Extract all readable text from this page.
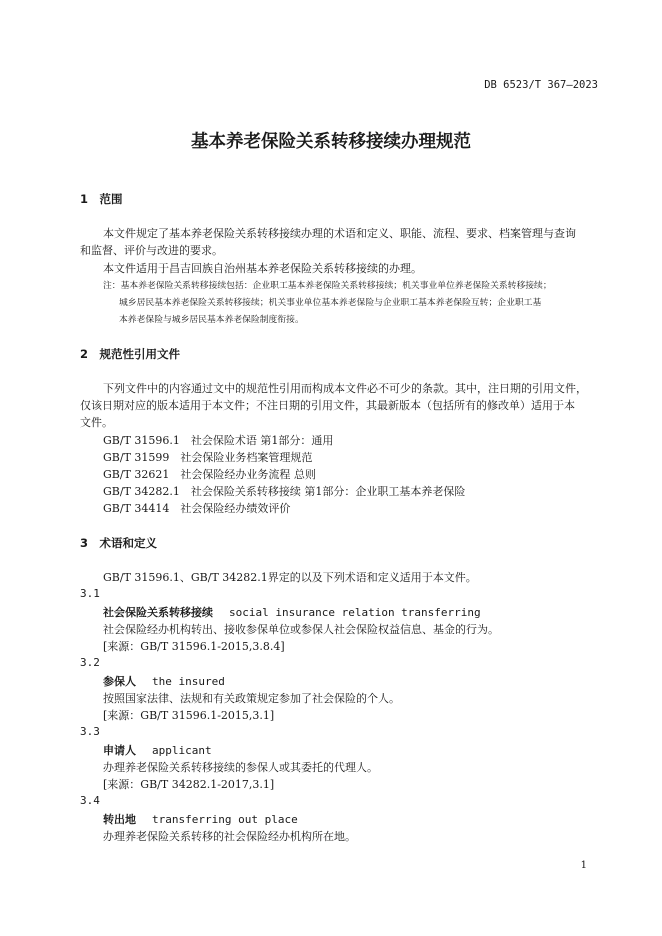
DB 6523/T 367—2023
基本养老保险关系转移接续办理规范
1　范围
本文件规定了基本养老保险关系转移接续办理的术语和定义、职能、流程、要求、档案管理与查询
和监督、评价与改进的要求。
本文件适用于昌吉回族自治州基本养老保险关系转移接续的办理。
注：基本养老保险关系转移接续包括：企业职工基本养老保险关系转移接续；机关事业单位养老保险关系转移接续；
城乡居民基本养老保险关系转移接续；机关事业单位基本养老保险与企业职工基本养老保险互转；企业职工基
本养老保险与城乡居民基本养老保险制度衔接。
2　规范性引用文件
下列文件中的内容通过文中的规范性引用而构成本文件必不可少的条款。其中，注日期的引用文件，
仅该日期对应的版本适用于本文件；不注日期的引用文件，其最新版本（包括所有的修改单）适用于本
文件。
GB/T 31596.1　社会保险术语 第1部分：通用
GB/T 31599　社会保险业务档案管理规范
GB/T 32621　社会保险经办业务流程 总则
GB/T 34282.1　社会保险关系转移接续 第1部分：企业职工基本养老保险
GB/T 34414　社会保险经办绩效评价
3　术语和定义
GB/T 31596.1、GB/T 34282.1界定的以及下列术语和定义适用于本文件。
3.1
社会保险关系转移接续 social insurance relation transferring
社会保险经办机构转出、接收参保单位或参保人社会保险权益信息、基金的行为。
[来源：GB/T 31596.1-2015,3.8.4]
3.2
参保人 the insured
按照国家法律、法规和有关政策规定参加了社会保险的个人。
[来源：GB/T 31596.1-2015,3.1]
3.3
申请人 applicant
办理养老保险关系转移接续的参保人或其委托的代理人。
[来源：GB/T 34282.1-2017,3.1]
3.4
转出地 transferring out place
办理养老保险关系转移的社会保险经办机构所在地。
1
